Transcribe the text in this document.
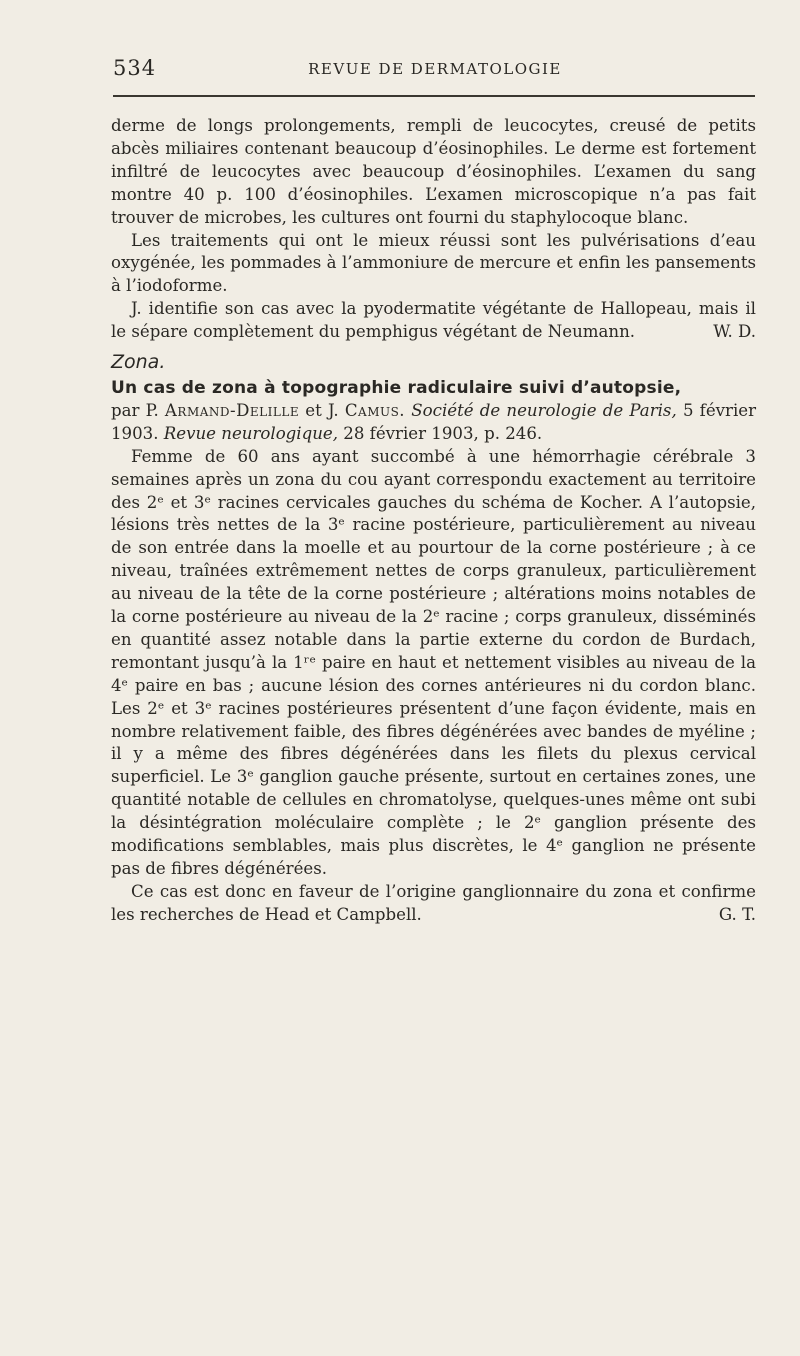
534	REVUE DE DERMATOLOGIE

derme de longs prolongements, rempli de leucocytes, creusé de petits abcès miliaires contenant beaucoup d’éosinophiles. Le derme est fortement infiltré de leucocytes avec beaucoup d’éosinophiles. L’examen du sang montre 40 p. 100 d’éosinophiles. L’examen microscopique n’a pas fait trouver de microbes, les cultures ont fourni du staphylocoque blanc.

Les traitements qui ont le mieux réussi sont les pulvérisations d’eau oxygénée, les pommades à l’ammoniure de mercure et enfin les pansements à l’iodoforme.

J. identifie son cas avec la pyodermatite végétante de Hallopeau, mais il le sépare complètement du pemphigus végétant de Neumann.	W. D.

Zona.

Un cas de zona à topographie radiculaire suivi d’autopsie,

par P. Armand-Delille et J. Camus. Société de neurologie de Paris, 5 février 1903. Revue neurologique, 28 février 1903, p. 246.

Femme de 60 ans ayant succombé à une hémorrhagie cérébrale 3 semaines après un zona du cou ayant correspondu exactement au territoire des 2ᵉ et 3ᵉ racines cervicales gauches du schéma de Kocher. A l’autopsie, lésions très nettes de la 3ᵉ racine postérieure, particulièrement au niveau de son entrée dans la moelle et au pourtour de la corne postérieure ; à ce niveau, traînées extrêmement nettes de corps granuleux, particulièrement au niveau de la tête de la corne postérieure ; altérations moins notables de la corne postérieure au niveau de la 2ᵉ racine ; corps granuleux, disséminés en quantité assez notable dans la partie externe du cordon de Burdach, remontant jusqu’à la 1ʳᵉ paire en haut et nettement visibles au niveau de la 4ᵉ paire en bas ; aucune lésion des cornes antérieures ni du cordon blanc. Les 2ᵉ et 3ᵉ racines postérieures présentent d’une façon évidente, mais en nombre relativement faible, des fibres dégénérées avec bandes de myéline ; il y a même des fibres dégénérées dans les filets du plexus cervical superficiel. Le 3ᵉ ganglion gauche présente, surtout en certaines zones, une quantité notable de cellules en chromatolyse, quelques-unes même ont subi la désintégration moléculaire complète ; le 2ᵉ ganglion présente des modifications semblables, mais plus discrètes, le 4ᵉ ganglion ne présente pas de fibres dégénérées.

Ce cas est donc en faveur de l’origine ganglionnaire du zona et confirme les recherches de Head et Campbell.	G. T.
